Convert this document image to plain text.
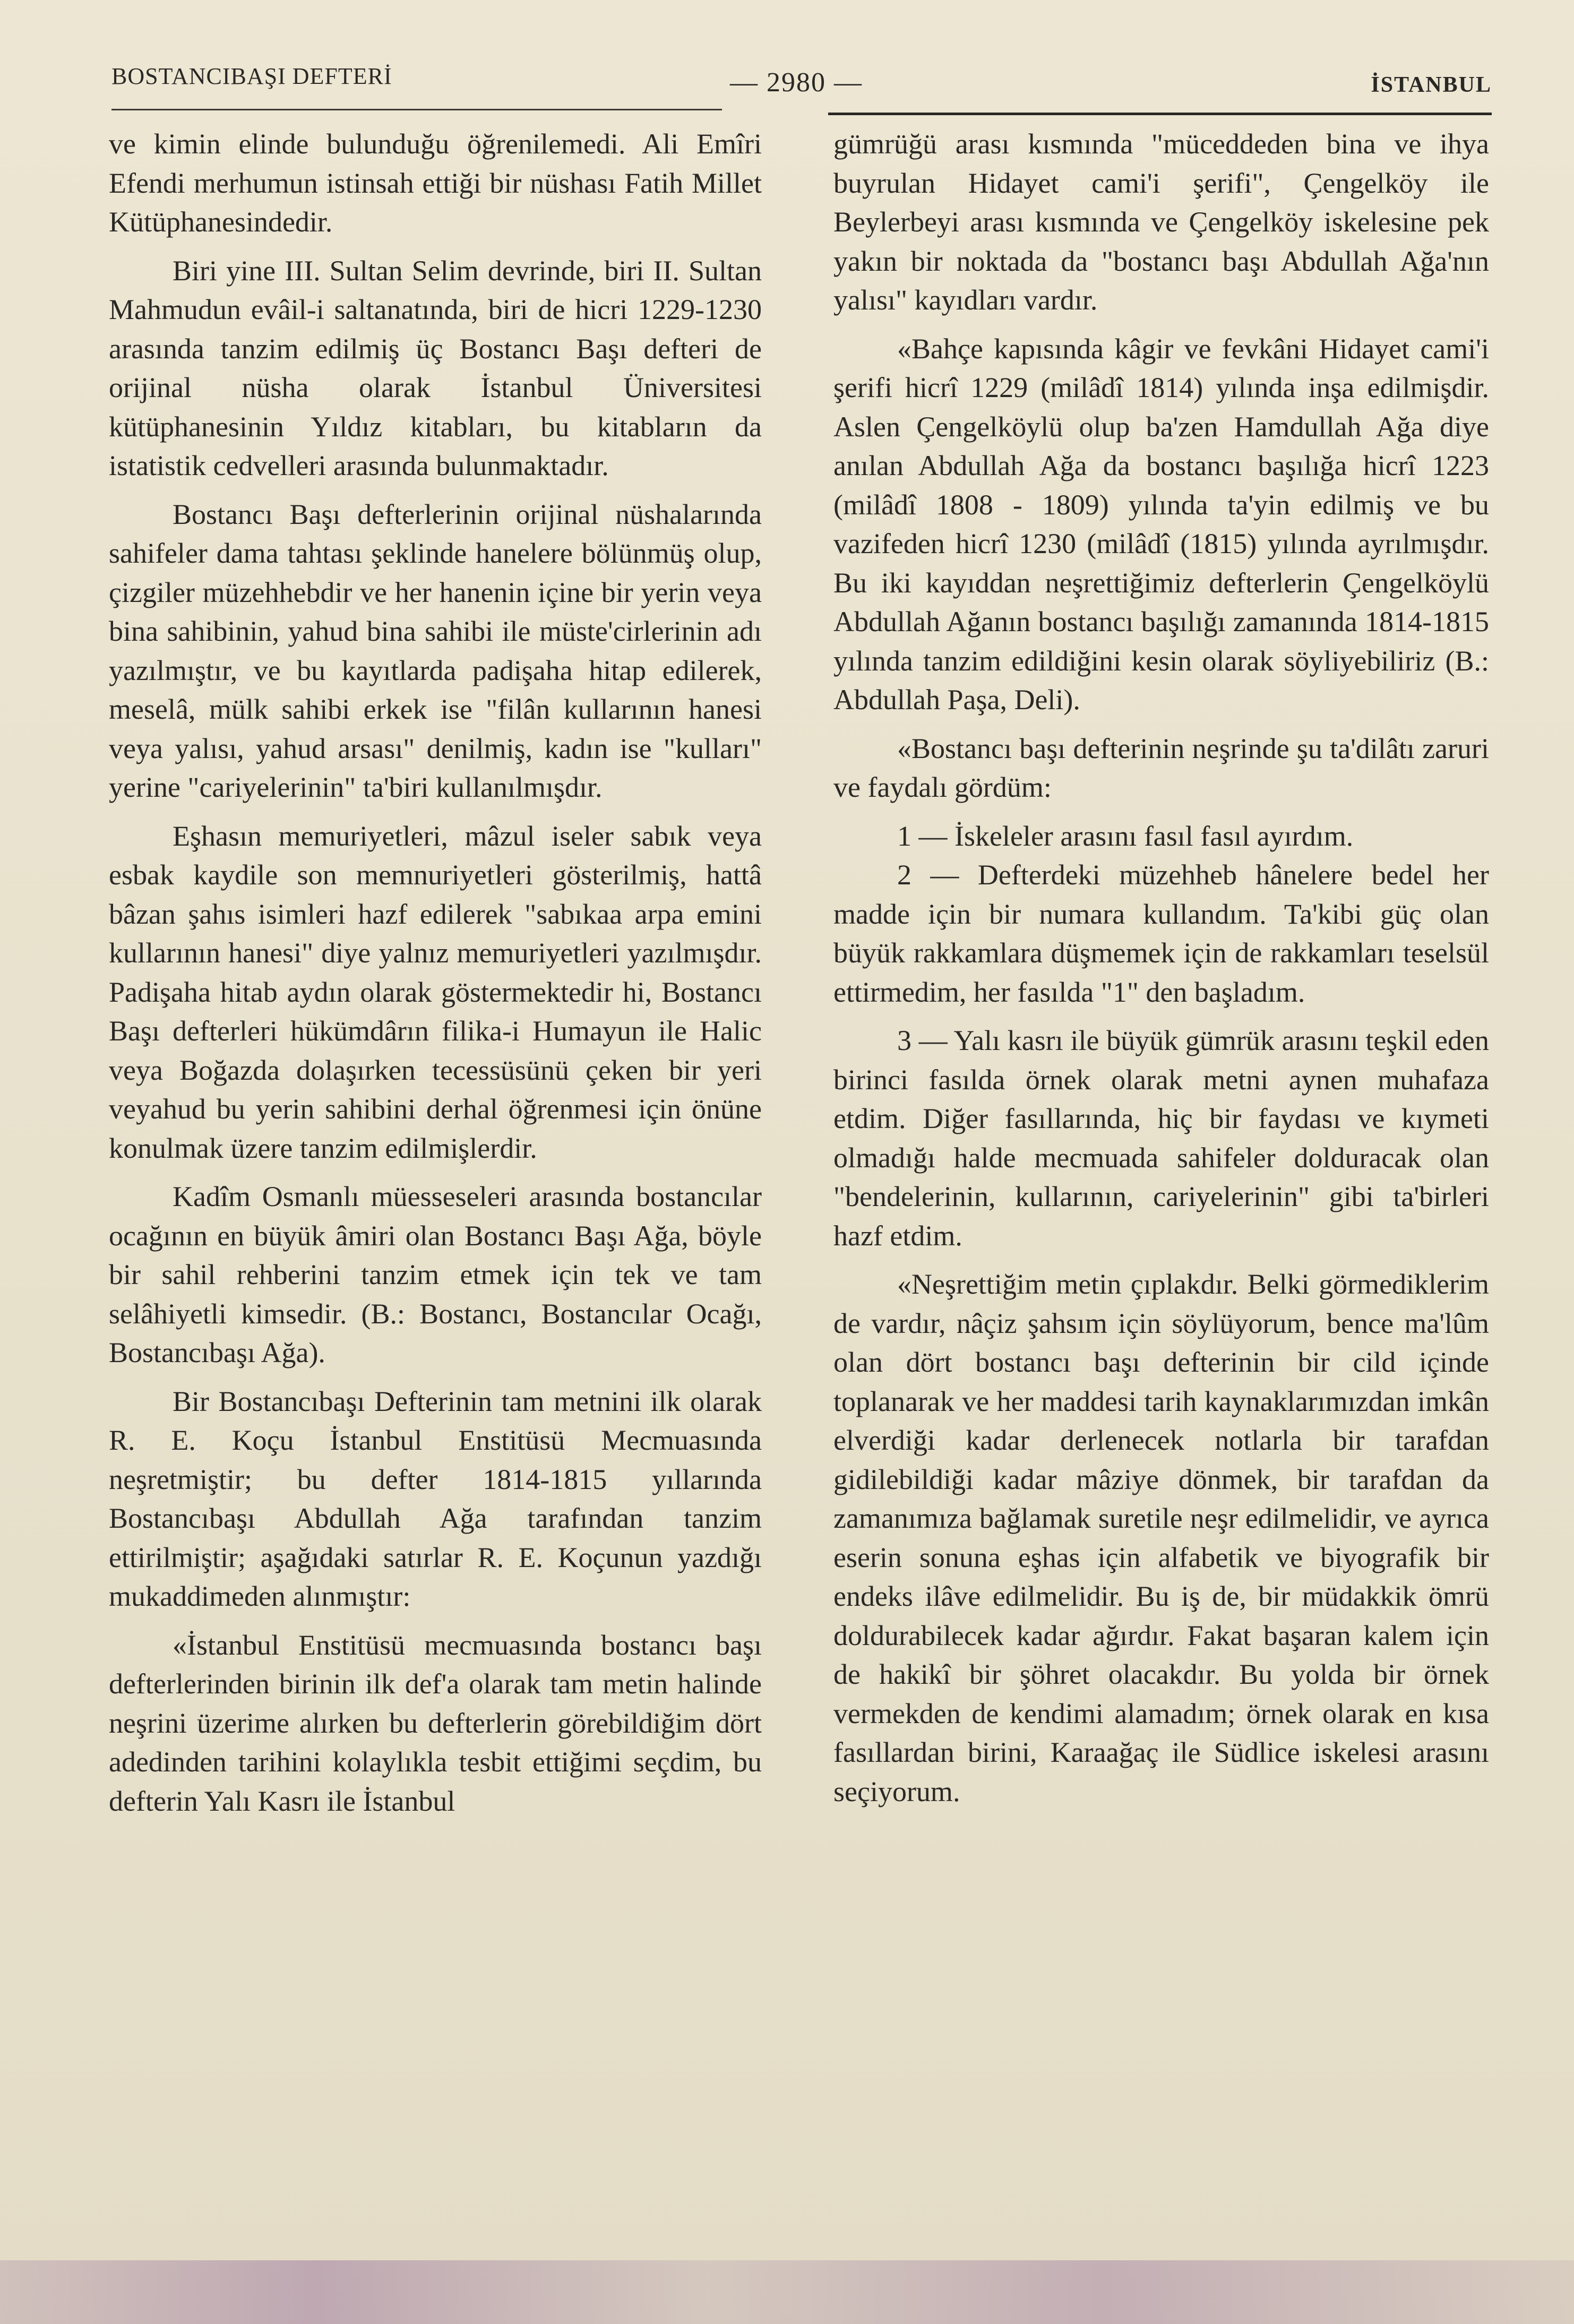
BOSTANCIBAŞI DEFTERİ	— 2980 —	İSTANBUL

ve kimin elinde bulunduğu öğrenilemedi. Ali Emîri Efendi merhumun istinsah ettiği bir nüshası Fatih Millet Kütüphanesindedir.

Biri yine III. Sultan Selim devrinde, biri II. Sultan Mahmudun evâil-i saltanatında, biri de hicri 1229-1230 arasında tanzim edilmiş üç Bostancı Başı defteri de orijinal nüsha olarak İstanbul Üniversitesi kütüphanesinin Yıldız kitabları, bu kitabların da istatistik cedvelleri arasında bulunmaktadır.

Bostancı Başı defterlerinin orijinal nüshalarında sahifeler dama tahtası şeklinde hanelere bölünmüş olup, çizgiler müzehhebdir ve her hanenin içine bir yerin veya bina sahibinin, yahud bina sahibi ile müste'cirlerinin adı yazılmıştır, ve bu kayıtlarda padişaha hitap edilerek, meselâ, mülk sahibi erkek ise "filân kullarının hanesi veya yalısı, yahud arsası" denilmiş, kadın ise "kulları" yerine "cariyelerinin" ta'biri kullanılmışdır.

Eşhasın memuriyetleri, mâzul iseler sabık veya esbak kaydile son memnuriyetleri gösterilmiş, hattâ bâzan şahıs isimleri hazf edilerek "sabıkaa arpa emini kullarının hanesi" diye yalnız memuriyetleri yazılmışdır. Padişaha hitab aydın olarak göstermektedir hi, Bostancı Başı defterleri hükümdârın filika-i Humayun ile Halic veya Boğazda dolaşırken tecessüsünü çeken bir yeri veyahud bu yerin sahibini derhal öğrenmesi için önüne konulmak üzere tanzim edilmişlerdir.

Kadîm Osmanlı müesseseleri arasında bostancılar ocağının en büyük âmiri olan Bostancı Başı Ağa, böyle bir sahil rehberini tanzim etmek için tek ve tam selâhiyetli kimsedir. (B.: Bostancı, Bostancılar Ocağı, Bostancıbaşı Ağa).

Bir Bostancıbaşı Defterinin tam metnini ilk olarak R. E. Koçu İstanbul Enstitüsü Mecmuasında neşretmiştir; bu defter 1814-1815 yıllarında Bostancıbaşı Abdullah Ağa tarafından tanzim ettirilmiştir; aşağıdaki satırlar R. E. Koçunun yazdığı mukaddimeden alınmıştır:

«İstanbul Enstitüsü mecmuasında bostancı başı defterlerinden birinin ilk def'a olarak tam metin halinde neşrini üzerime alırken bu defterlerin görebildiğim dört adedinden tarihini kolaylıkla tesbit ettiğimi seçdim, bu defterin Yalı Kasrı ile İstanbul

gümrüğü arası kısmında "müceddeden bina ve ihya buyrulan Hidayet cami'i şerifi", Çengelköy ile Beylerbeyi arası kısmında ve Çengelköy iskelesine pek yakın bir noktada da "bostancı başı Abdullah Ağa'nın yalısı" kayıdları vardır.

«Bahçe kapısında kâgir ve fevkâni Hidayet cami'i şerifi hicrî 1229 (milâdî 1814) yılında inşa edilmişdir. Aslen Çengelköylü olup ba'zen Hamdullah Ağa diye anılan Abdullah Ağa da bostancı başılığa hicrî 1223 (milâdî 1808 - 1809) yılında ta'yin edilmiş ve bu vazifeden hicrî 1230 (milâdî (1815) yılında ayrılmışdır. Bu iki kayıddan neşrettiğimiz defterlerin Çengelköylü Abdullah Ağanın bostancı başılığı zamanında 1814-1815 yılında tanzim edildiğini kesin olarak söyliyebiliriz (B.: Abdullah Paşa, Deli).

«Bostancı başı defterinin neşrinde şu ta'dilâtı zaruri ve faydalı gördüm:

1 — İskeleler arasını fasıl fasıl ayırdım.

2 — Defterdeki müzehheb hânelere bedel her madde için bir numara kullandım. Ta'kibi güç olan büyük rakkamlara düşmemek için de rakkamları teselsül ettirmedim, her fasılda "1" den başladım.

3 — Yalı kasrı ile büyük gümrük arasını teşkil eden birinci fasılda örnek olarak metni aynen muhafaza etdim. Diğer fasıllarında, hiç bir faydası ve kıymeti olmadığı halde mecmuada sahifeler dolduracak olan "bendelerinin, kullarının, cariyelerinin" gibi ta'birleri hazf etdim.

«Neşrettiğim metin çıplakdır. Belki görmediklerim de vardır, nâçiz şahsım için söylüyorum, bence ma'lûm olan dört bostancı başı defterinin bir cild içinde toplanarak ve her maddesi tarih kaynaklarımızdan imkân elverdiği kadar derlenecek notlarla bir tarafdan gidilebildiği kadar mâziye dönmek, bir tarafdan da zamanımıza bağlamak suretile neşr edilmelidir, ve ayrıca eserin sonuna eşhas için alfabetik ve biyografik bir endeks ilâve edilmelidir. Bu iş de, bir müdakkik ömrü doldurabilecek kadar ağırdır. Fakat başaran kalem için de hakikî bir şöhret olacakdır. Bu yolda bir örnek vermekden de kendimi alamadım; örnek olarak en kısa fasıllardan birini, Karaağaç ile Südlice iskelesi arasını seçiyorum.
